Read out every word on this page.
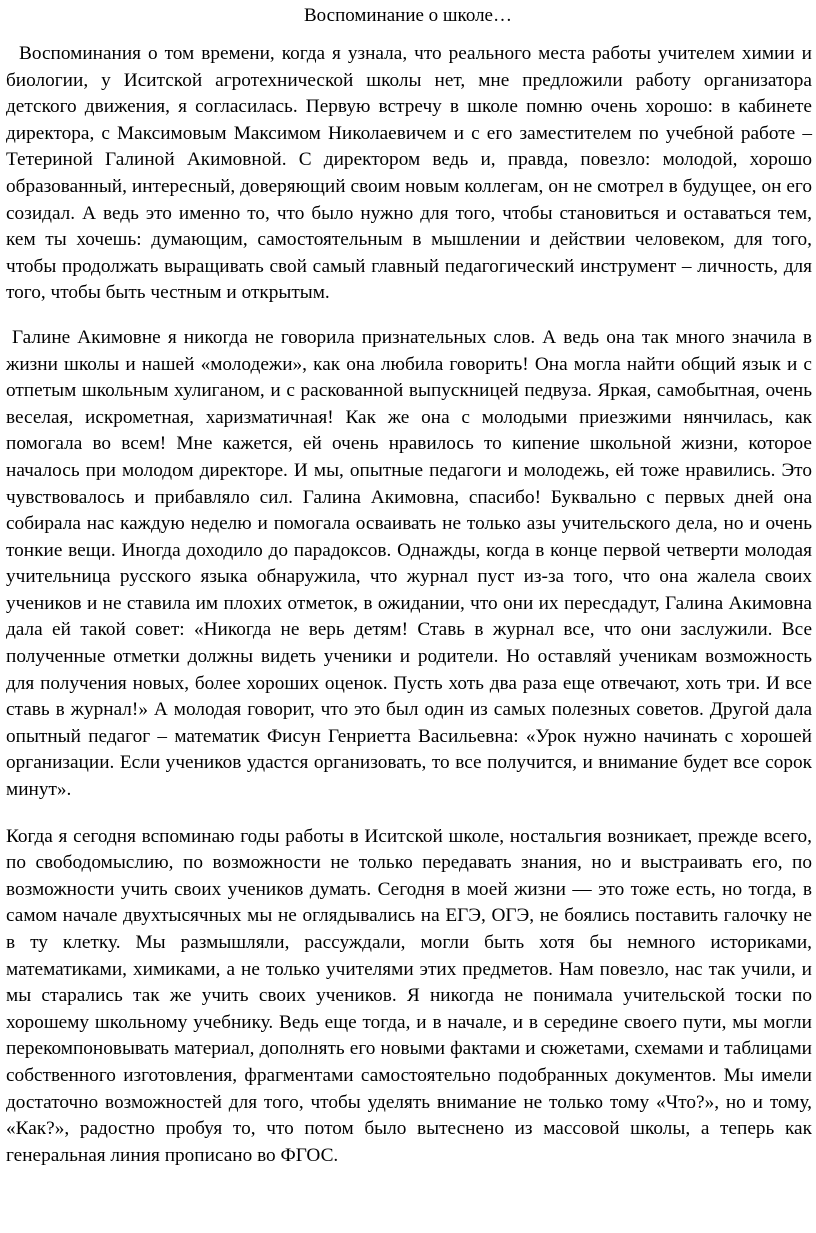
Воспоминание о школе…

Воспоминания о том времени, когда я узнала, что реального места работы учителем химии и биологии, у Иситской агротехнической школы нет, мне предложили работу организатора детского движения, я согласилась. Первую встречу в школе помню очень хорошо: в кабинете директора, с Максимовым Максимом Николаевичем и с его заместителем по учебной работе –Тетериной Галиной Акимовной. С директором ведь и, правда, повезло: молодой, хорошо образованный, интересный, доверяющий своим новым коллегам, он не смотрел в будущее, он его созидал. А ведь это именно то, что было нужно для того, чтобы становиться и оставаться тем, кем ты хочешь: думающим, самостоятельным в мышлении и действии человеком, для того, чтобы продолжать выращивать свой самый главный педагогический инструмент – личность, для того, чтобы быть честным и открытым.

Галине Акимовне я никогда не говорила признательных слов. А ведь она так много значила в жизни школы и нашей «молодежи», как она любила говорить! Она могла найти общий язык и с отпетым школьным хулиганом, и с раскованной выпускницей педвуза. Яркая, самобытная, очень веселая, искрометная, харизматичная! Как же она с молодыми приезжими нянчилась, как помогала во всем! Мне кажется, ей очень нравилось то кипение школьной жизни, которое началось при молодом директоре. И мы, опытные педагоги и молодежь, ей тоже нравились. Это чувствовалось и прибавляло сил. Галина Акимовна, спасибо! Буквально с первых дней она собирала нас каждую неделю и помогала осваивать не только азы учительского дела, но и очень тонкие вещи. Иногда доходило до парадоксов. Однажды, когда в конце первой четверти молодая учительница русского языка обнаружила, что журнал пуст из-за того, что она жалела своих учеников и не ставила им плохих отметок, в ожидании, что они их пересдадут, Галина Акимовна дала ей такой совет: «Никогда не верь детям! Ставь в журнал все, что они заслужили. Все полученные отметки должны видеть ученики и родители. Но оставляй ученикам возможность для получения новых, более хороших оценок. Пусть хоть два раза еще отвечают, хоть три. И все ставь в журнал!» А молодая говорит, что это был один из самых полезных советов. Другой дала опытный педагог – математик Фисун Генриетта Васильевна: «Урок нужно начинать с хорошей организации. Если учеников удастся организовать, то все получится, и внимание будет все сорок минут».

Когда я сегодня вспоминаю годы работы в Иситской школе, ностальгия возникает, прежде всего, по свободомыслию, по возможности не только передавать знания, но и выстраивать его, по возможности учить своих учеников думать. Сегодня в моей жизни — это тоже есть, но тогда, в самом начале двухтысячных мы не оглядывались на ЕГЭ, ОГЭ, не боялись поставить галочку не в ту клетку. Мы размышляли, рассуждали, могли быть хотя бы немного историками, математиками, химиками, а не только учителями этих предметов. Нам повезло, нас так учили, и мы старались так же учить своих учеников. Я никогда не понимала учительской тоски по хорошему школьному учебнику. Ведь еще тогда, и в начале, и в середине своего пути, мы могли перекомпоновывать материал, дополнять его новыми фактами и сюжетами, схемами и таблицами собственного изготовления, фрагментами самостоятельно подобранных документов. Мы имели достаточно возможностей для того, чтобы уделять внимание не только тому «Что?», но и тому, «Как?», радостно пробуя то, что потом было вытеснено из массовой школы, а теперь как генеральная линия прописано во ФГОС.
